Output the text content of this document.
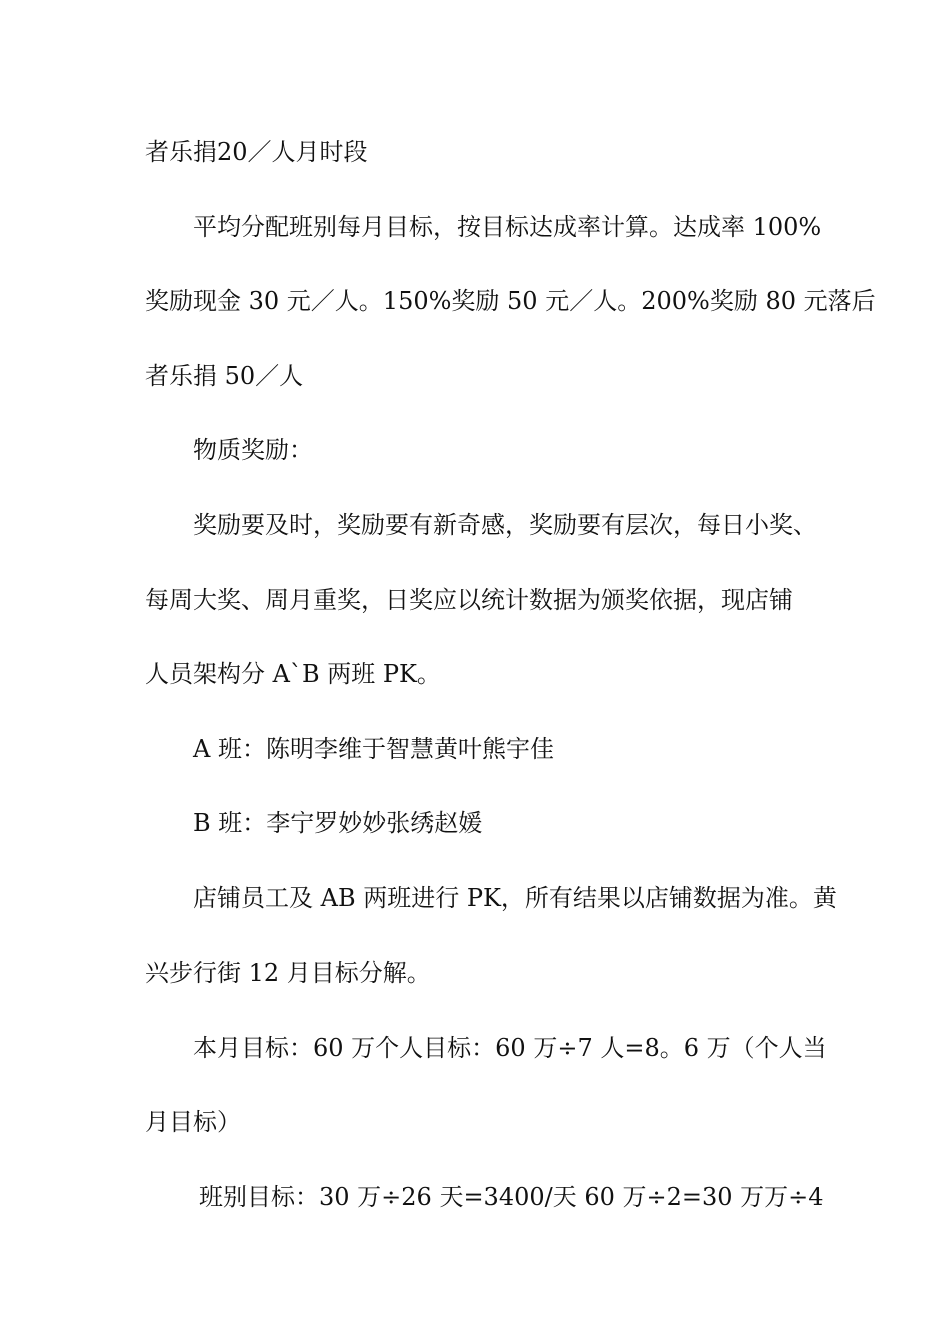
者乐捐20／人月时段
平均分配班别每月目标，按目标达成率计算。达成率 100%
奖励现金 30 元／人。150%奖励 50 元／人。200%奖励 80 元落后
者乐捐 50／人
物质奖励：
奖励要及时，奖励要有新奇感，奖励要有层次，每日小奖、
每周大奖、周月重奖，日奖应以统计数据为颁奖依据，现店铺
人员架构分 A`B 两班 PK。
A 班：陈明李维于智慧黄叶熊宇佳
B 班：李宁罗妙妙张绣赵媛
店铺员工及 AB 两班进行 PK，所有结果以店铺数据为准。黄
兴步行街 12 月目标分解。
本月目标：60 万个人目标：60 万÷7 人=8。6 万（个人当
月目标）
班别目标：30 万÷26 天=3400/天 60 万÷2=30 万万÷4
